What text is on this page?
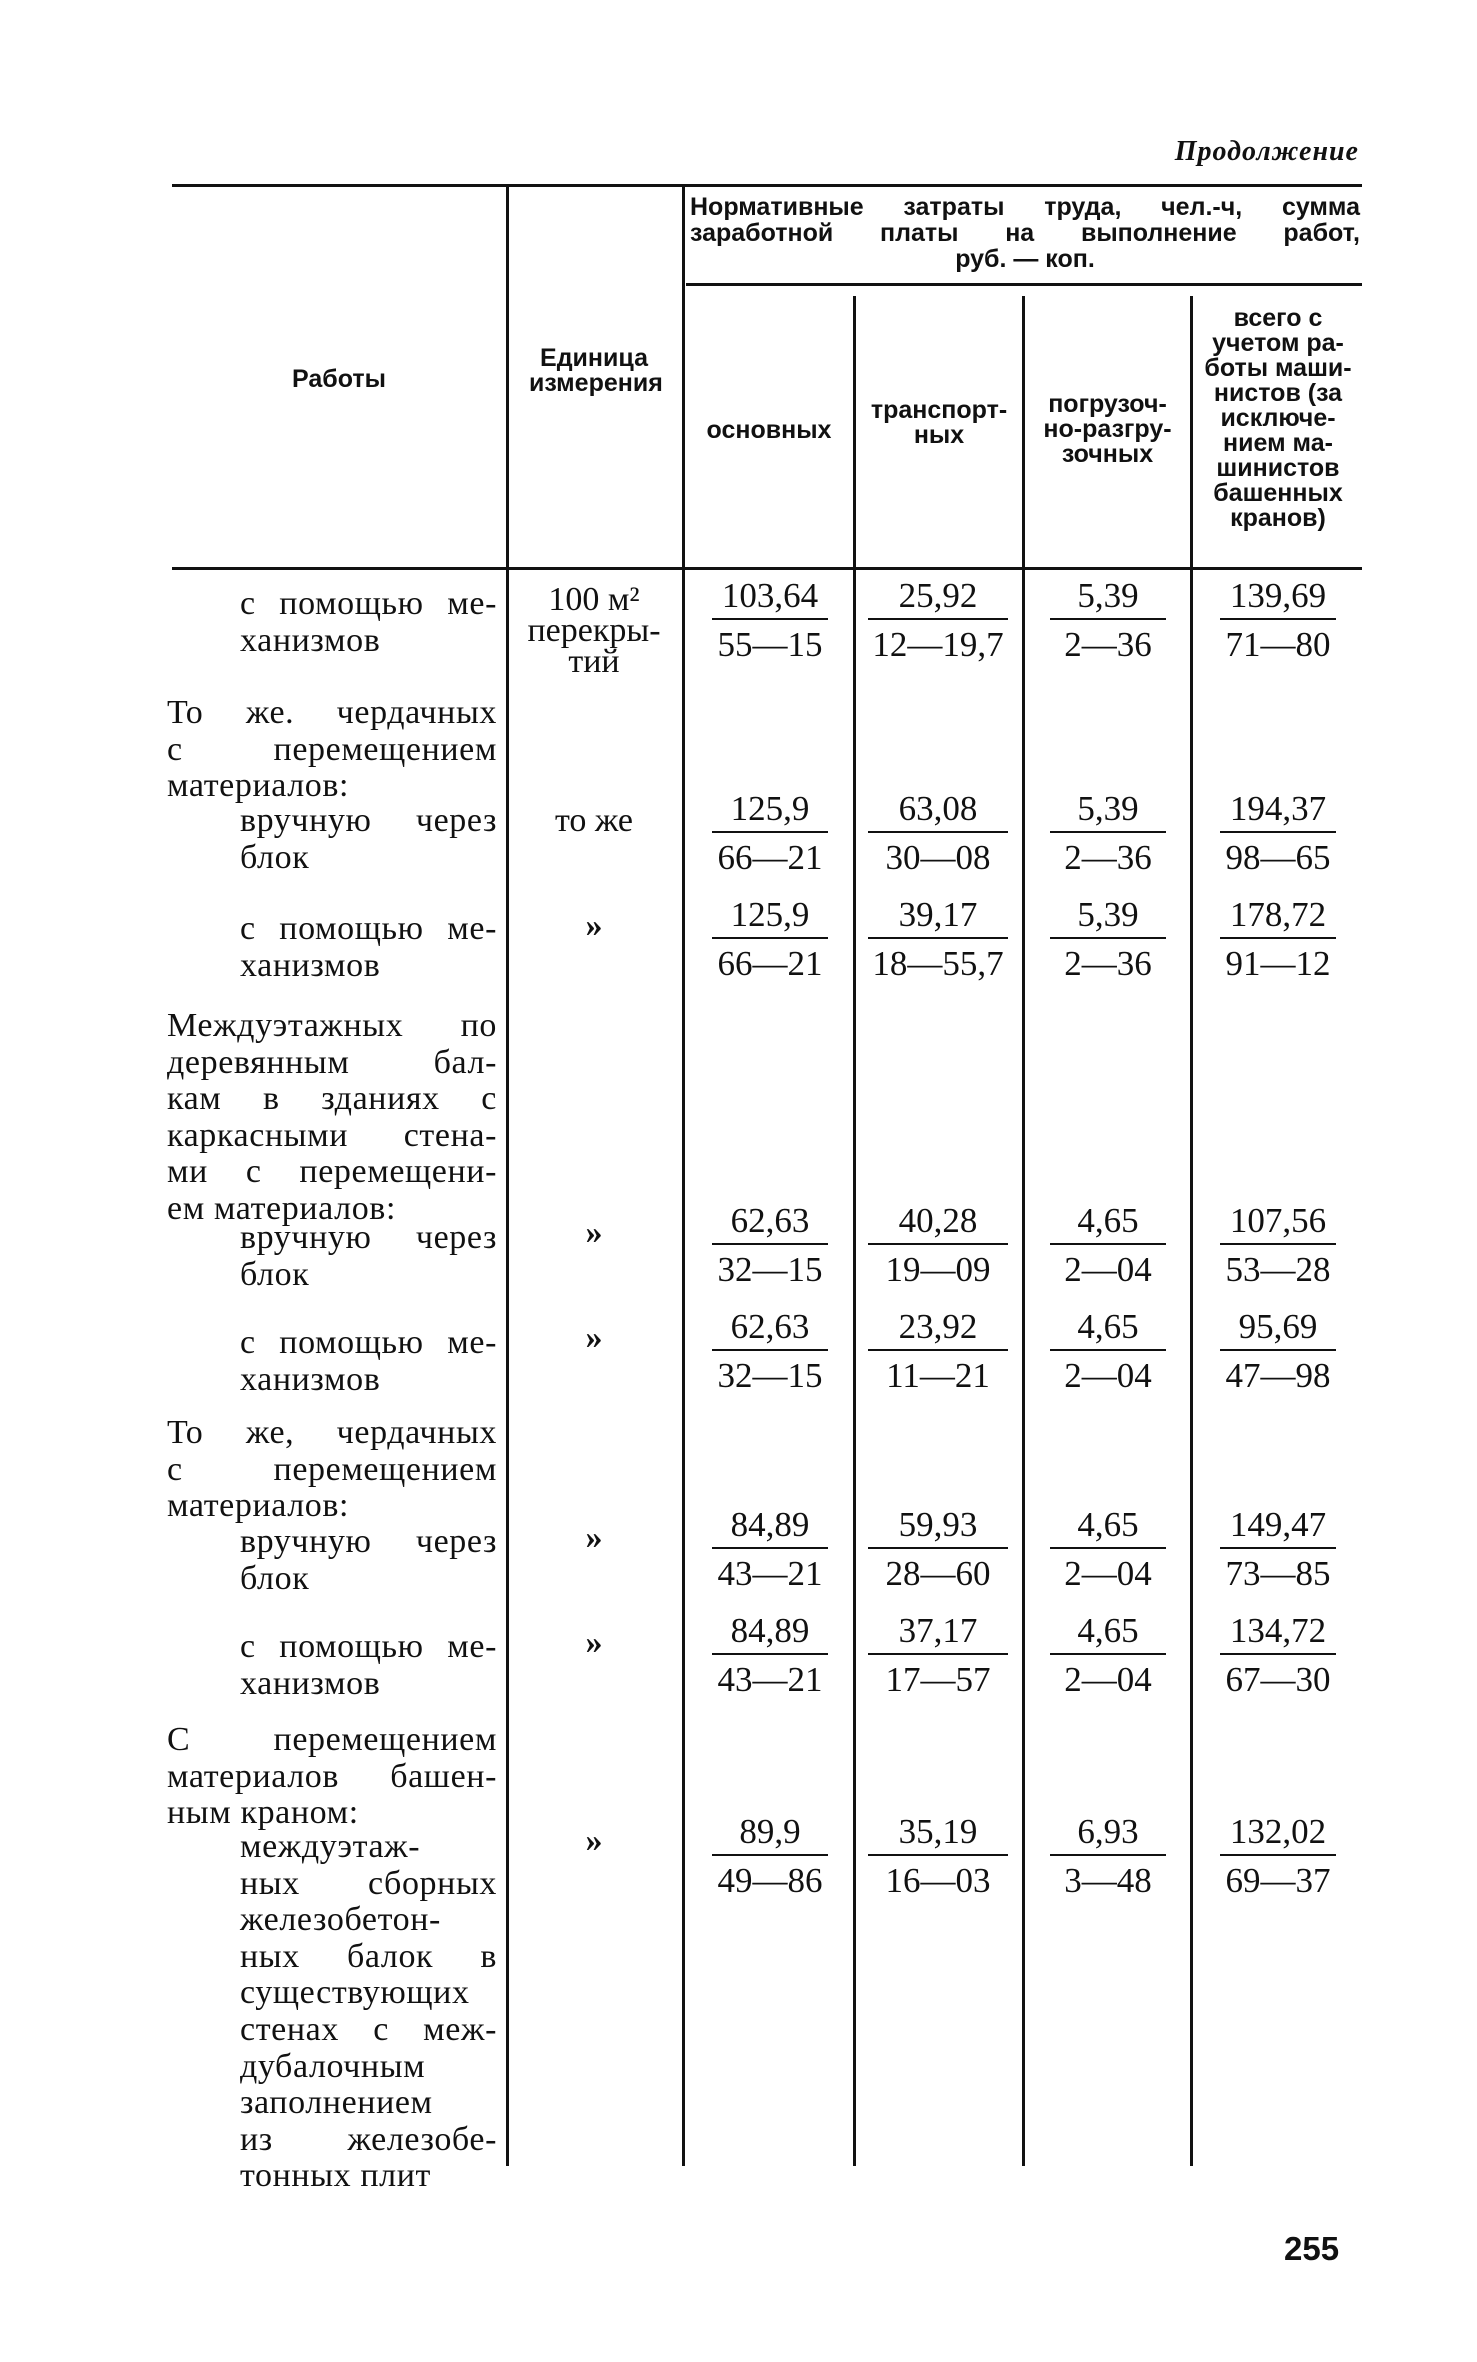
Продолжение
Работы
Единица измерения
Нормативные затраты труда, чел.-ч, сумма
заработной платы на выполнение работ,
руб. — коп.
основных
транспорт-
ных
погрузоч-
но-разгру-
зочных
всего с
учетом ра-
боты маши-
нистов (за
исключе-
нием ма-
шинистов
башенных
кранов)
с помощью ме-
ханизмов
То же. чердачных
с перемещением
материалов:
вручную через
блок
с помощью ме-
ханизмов
Междуэтажных по
деревянным бал-
кам в зданиях с
каркасными стена-
ми с перемещени-
ем материалов:
вручную через
блок
с помощью ме-
ханизмов
То же, чердачных
с перемещением
материалов:
вручную через
блок
с помощью ме-
ханизмов
С перемещением
материалов башен-
ным краном:
междуэтаж-
ных сборных
железобетон-
ных балок в
существующих
стенах с меж-
дубалочным
заполнением
из железобе-
тонных плит
100 м²
перекры-
тий
то же
»
»
»
»
»
»
$\frac{103,64}{55—15} \frac{25,92}{12—19,7} \frac{5,39}{2—36} \frac{139,69}{71—80}$
$\frac{125,9}{66—21} \frac{63,08}{30—08} \frac{5,39}{2—36} \frac{194,37}{98—65}$
$\frac{125,9}{66—21} \frac{39,17}{18—55,7} \frac{5,39}{2—36} \frac{178,72}{91—12}$
$\frac{62,63}{32—15} \frac{40,28}{19—09} \frac{4,65}{2—04} \frac{107,56}{53—28}$
$\frac{62,63}{32—15} \frac{23,92}{11—21} \frac{4,65}{2—04} \frac{95,69}{47—98}$
$\frac{84,89}{43—21} \frac{59,93}{28—60} \frac{4,65}{2—04} \frac{149,47}{73—85}$
$\frac{84,89}{43—21} \frac{37,17}{17—57} \frac{4,65}{2—04} \frac{134,72}{67—30}$
$\frac{89,9}{49—86} \frac{35,19}{16—03} \frac{6,93}{3—48} \frac{132,02}{69—37}$
255
